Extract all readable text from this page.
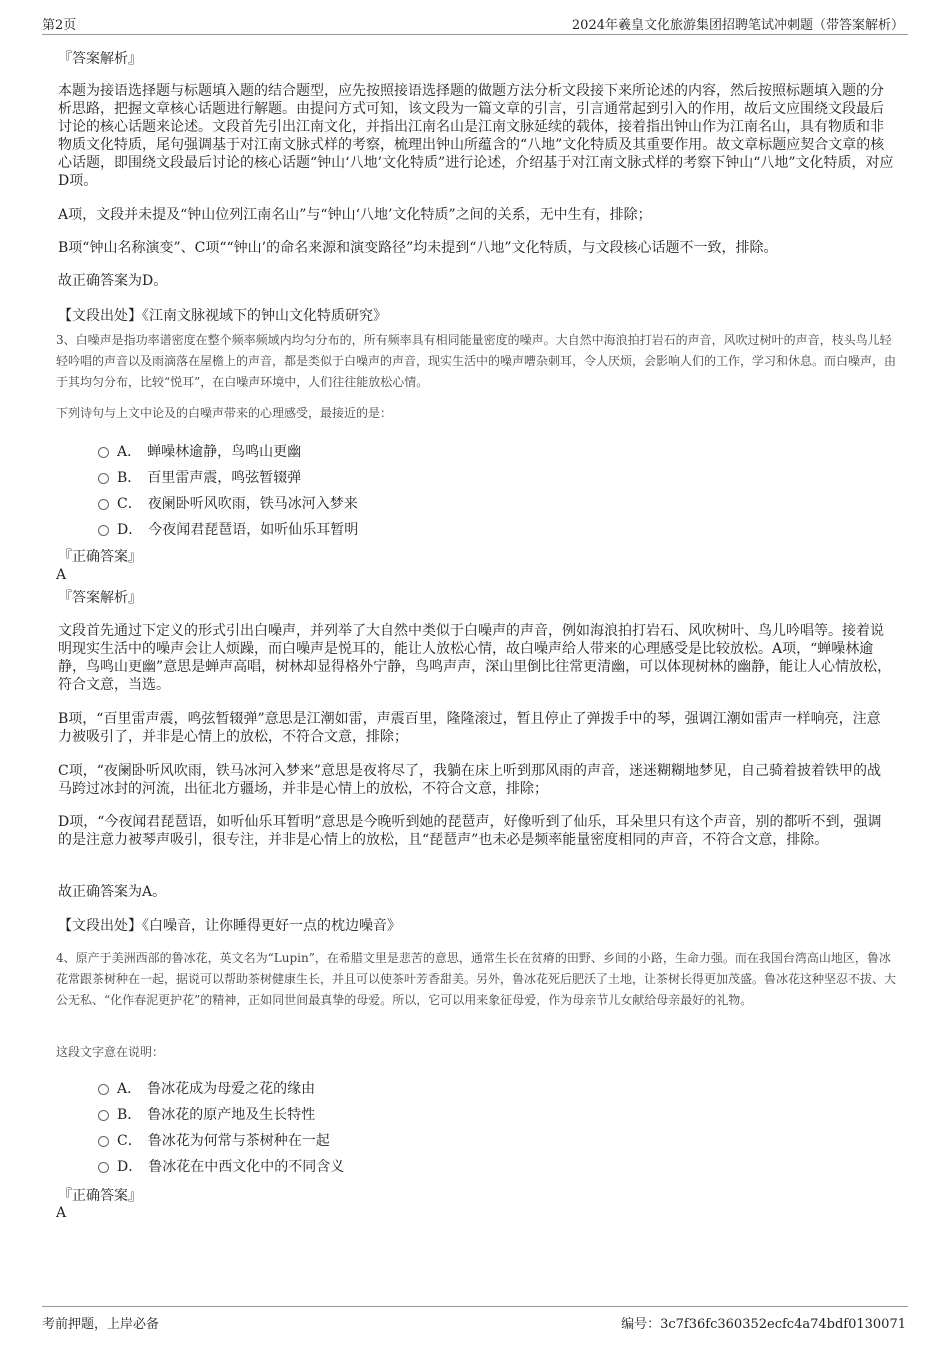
第2页	2024年羲皇文化旅游集团招聘笔试冲刺题（带答案解析）
『答案解析』

本题为接语选择题与标题填入题的结合题型，应先按照接语选择题的做题方法分析文段接下来所论述的内容，然后按照标题填入题的分析思路，把握文章核心话题进行解题。由提问方式可知，该文段为一篇文章的引言，引言通常起到引入的作用，故后文应围绕文段最后讨论的核心话题来论述。文段首先引出江南文化，并指出江南名山是江南文脉延续的载体，接着指出钟山作为江南名山，具有物质和非物质文化特质，尾句强调基于对江南文脉式样的考察，梳理出钟山所蕴含的“八地”文化特质及其重要作用。故文章标题应契合文章的核心话题，即围绕文段最后讨论的核心话题“钟山‘八地’文化特质”进行论述，介绍基于对江南文脉式样的考察下钟山“八地”文化特质，对应D项。

A项，文段并未提及“钟山位列江南名山”与“钟山‘八地’文化特质”之间的关系，无中生有，排除；

B项“钟山名称演变”、C项““钟山’的命名来源和演变路径”均未提到“八地”文化特质，与文段核心话题不一致，排除。

故正确答案为D。

【文段出处】《江南文脉视域下的钟山文化特质研究》

3、白噪声是指功率谱密度在整个频率频域内均匀分布的，所有频率具有相同能量密度的噪声。大自然中海浪拍打岩石的声音，风吹过树叶的声音，枝头鸟儿轻轻吟唱的声音以及雨滴落在屋檐上的声音，都是类似于白噪声的声音，现实生活中的噪声嘈杂刺耳，令人厌烦，会影响人们的工作，学习和休息。而白噪声，由于其均匀分布，比较“悦耳”，在白噪声环境中，人们往往能放松心情。

下列诗句与上文中论及的白噪声带来的心理感受，最接近的是：

A． 蝉噪林逾静，鸟鸣山更幽
B． 百里雷声震，鸣弦暂辍弹
C． 夜阑卧听风吹雨，铁马冰河入梦来
D． 今夜闻君琵琶语，如听仙乐耳暂明
『正确答案』
A
『答案解析』

文段首先通过下定义的形式引出白噪声，并列举了大自然中类似于白噪声的声音，例如海浪拍打岩石、风吹树叶、鸟儿吟唱等。接着说明现实生活中的噪声会让人烦躁，而白噪声是悦耳的，能让人放松心情，故白噪声给人带来的心理感受是比较放松。A项，“蝉噪林逾静，鸟鸣山更幽”意思是蝉声高唱，树林却显得格外宁静，鸟鸣声声，深山里倒比往常更清幽，可以体现树林的幽静，能让人心情放松，符合文意，当选。

B项，“百里雷声震，鸣弦暂辍弹”意思是江潮如雷，声震百里，隆隆滚过，暂且停止了弹拨手中的琴，强调江潮如雷声一样响亮，注意力被吸引了，并非是心情上的放松，不符合文意，排除；

C项，“夜阑卧听风吹雨，铁马冰河入梦来”意思是夜将尽了，我躺在床上听到那风雨的声音，迷迷糊糊地梦见，自己骑着披着铁甲的战马跨过冰封的河流，出征北方疆场，并非是心情上的放松，不符合文意，排除；

D项，“今夜闻君琵琶语，如听仙乐耳暂明”意思是今晚听到她的琵琶声，好像听到了仙乐，耳朵里只有这个声音，别的都听不到，强调的是注意力被琴声吸引，很专注，并非是心情上的放松，且“琵琶声”也未必是频率能量密度相同的声音，不符合文意，排除。

故正确答案为A。

【文段出处】《白噪音，让你睡得更好一点的枕边噪音》

4、原产于美洲西部的鲁冰花，英文名为“Lupin”，在希腊文里是悲苦的意思，通常生长在贫瘠的田野、乡间的小路，生命力强。而在我国台湾高山地区，鲁冰花常跟茶树种在一起，据说可以帮助茶树健康生长，并且可以使茶叶芳香甜美。另外，鲁冰花死后肥沃了土地，让茶树长得更加茂盛。鲁冰花这种坚忍不拔、大公无私、“化作春泥更护花”的精神，正如同世间最真挚的母爱。所以，它可以用来象征母爱，作为母亲节儿女献给母亲最好的礼物。

这段文字意在说明：

A． 鲁冰花成为母爱之花的缘由
B． 鲁冰花的原产地及生长特性
C． 鲁冰花为何常与茶树种在一起
D． 鲁冰花在中西文化中的不同含义
『正确答案』
A
考前押题，上岸必备	编号：3c7f36fc360352ecfc4a74bdf0130071
